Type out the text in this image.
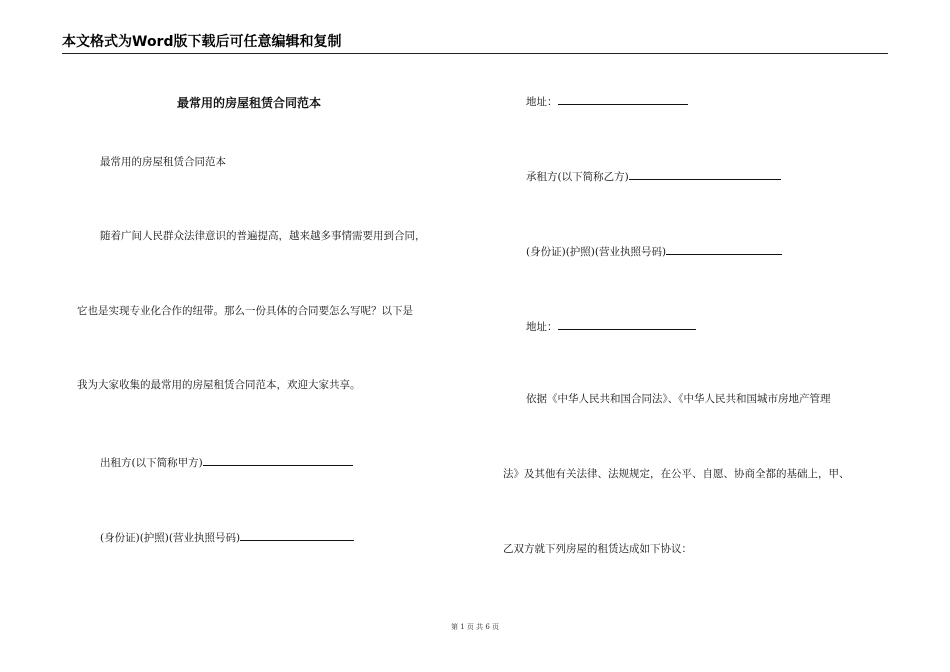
本文格式为Word版下载后可任意编辑和复制
最常用的房屋租赁合同范本
最常用的房屋租赁合同范本
随着广间人民群众法律意识的普遍提高，越来越多事情需要用到合同，
它也是实现专业化合作的纽带。那么一份具体的合同要怎么写呢？以下是
我为大家收集的最常用的房屋租赁合同范本，欢迎大家共享。
出租方(以下简称甲方)
(身份证)(护照)(营业执照号码)
地址：
承租方(以下简称乙方)
(身份证)(护照)(营业执照号码)
地址：
依据《中华人民共和国合同法》、《中华人民共和国城市房地产管理
法》及其他有关法律、法规规定，在公平、自愿、协商全都的基础上，甲、
乙双方就下列房屋的租赁达成如下协议：
第 1 页 共 6 页
